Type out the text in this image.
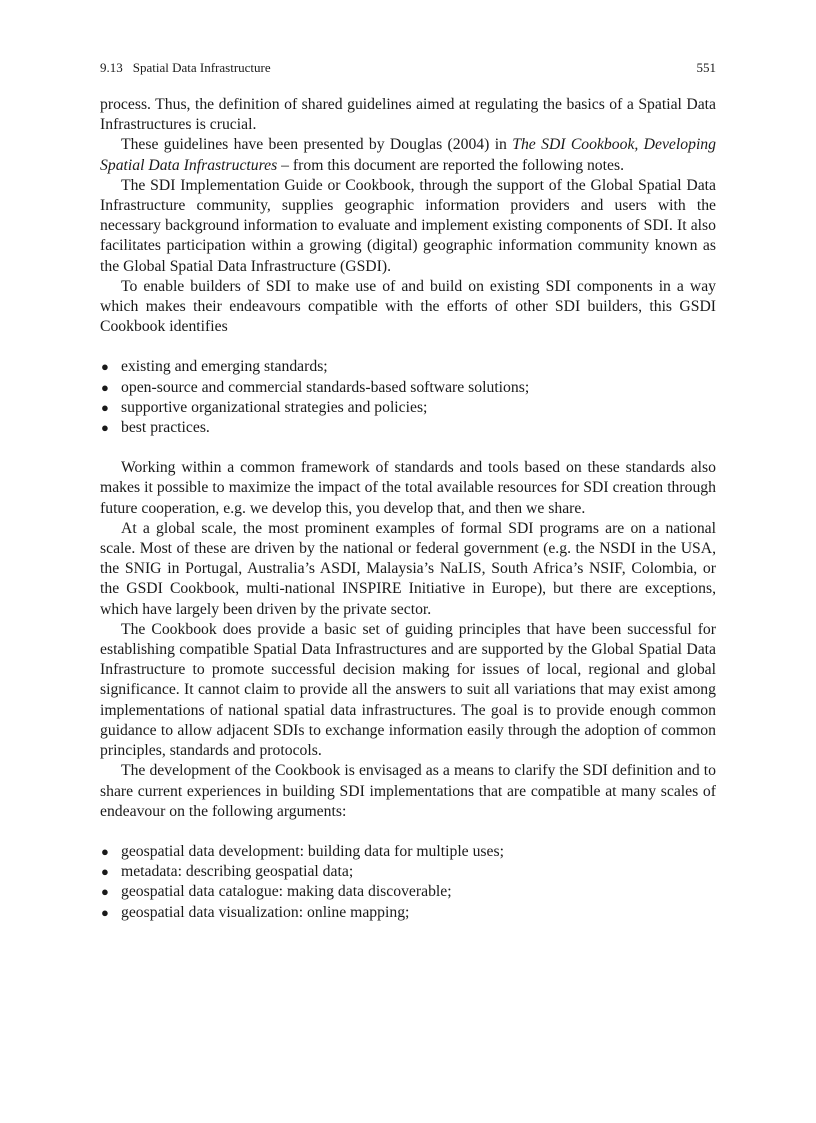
9.13 Spatial Data Infrastructure	551

process. Thus, the definition of shared guidelines aimed at regulating the basics of a Spatial Data Infrastructures is crucial.

These guidelines have been presented by Douglas (2004) in The SDI Cookbook, Developing Spatial Data Infrastructures – from this document are reported the following notes.

The SDI Implementation Guide or Cookbook, through the support of the Global Spatial Data Infrastructure community, supplies geographic information providers and users with the necessary background information to evaluate and implement existing components of SDI. It also facilitates participation within a growing (digital) geographic information community known as the Global Spatial Data Infrastructure (GSDI).

To enable builders of SDI to make use of and build on existing SDI components in a way which makes their endeavours compatible with the efforts of other SDI builders, this GSDI Cookbook identifies

● existing and emerging standards;
● open-source and commercial standards-based software solutions;
● supportive organizational strategies and policies;
● best practices.

Working within a common framework of standards and tools based on these standards also makes it possible to maximize the impact of the total available resources for SDI creation through future cooperation, e.g. we develop this, you develop that, and then we share.

At a global scale, the most prominent examples of formal SDI programs are on a national scale. Most of these are driven by the national or federal government (e.g. the NSDI in the USA, the SNIG in Portugal, Australia’s ASDI, Malaysia’s NaLIS, South Africa’s NSIF, Colombia, or the GSDI Cookbook, multi-national INSPIRE Initiative in Europe), but there are exceptions, which have largely been driven by the private sector.

The Cookbook does provide a basic set of guiding principles that have been successful for establishing compatible Spatial Data Infrastructures and are supported by the Global Spatial Data Infrastructure to promote successful decision making for issues of local, regional and global significance. It cannot claim to provide all the answers to suit all variations that may exist among implementations of national spatial data infrastructures. The goal is to provide enough common guidance to allow adjacent SDIs to exchange information easily through the adoption of common principles, standards and protocols.

The development of the Cookbook is envisaged as a means to clarify the SDI definition and to share current experiences in building SDI implementations that are compatible at many scales of endeavour on the following arguments:

● geospatial data development: building data for multiple uses;
● metadata: describing geospatial data;
● geospatial data catalogue: making data discoverable;
● geospatial data visualization: online mapping;
